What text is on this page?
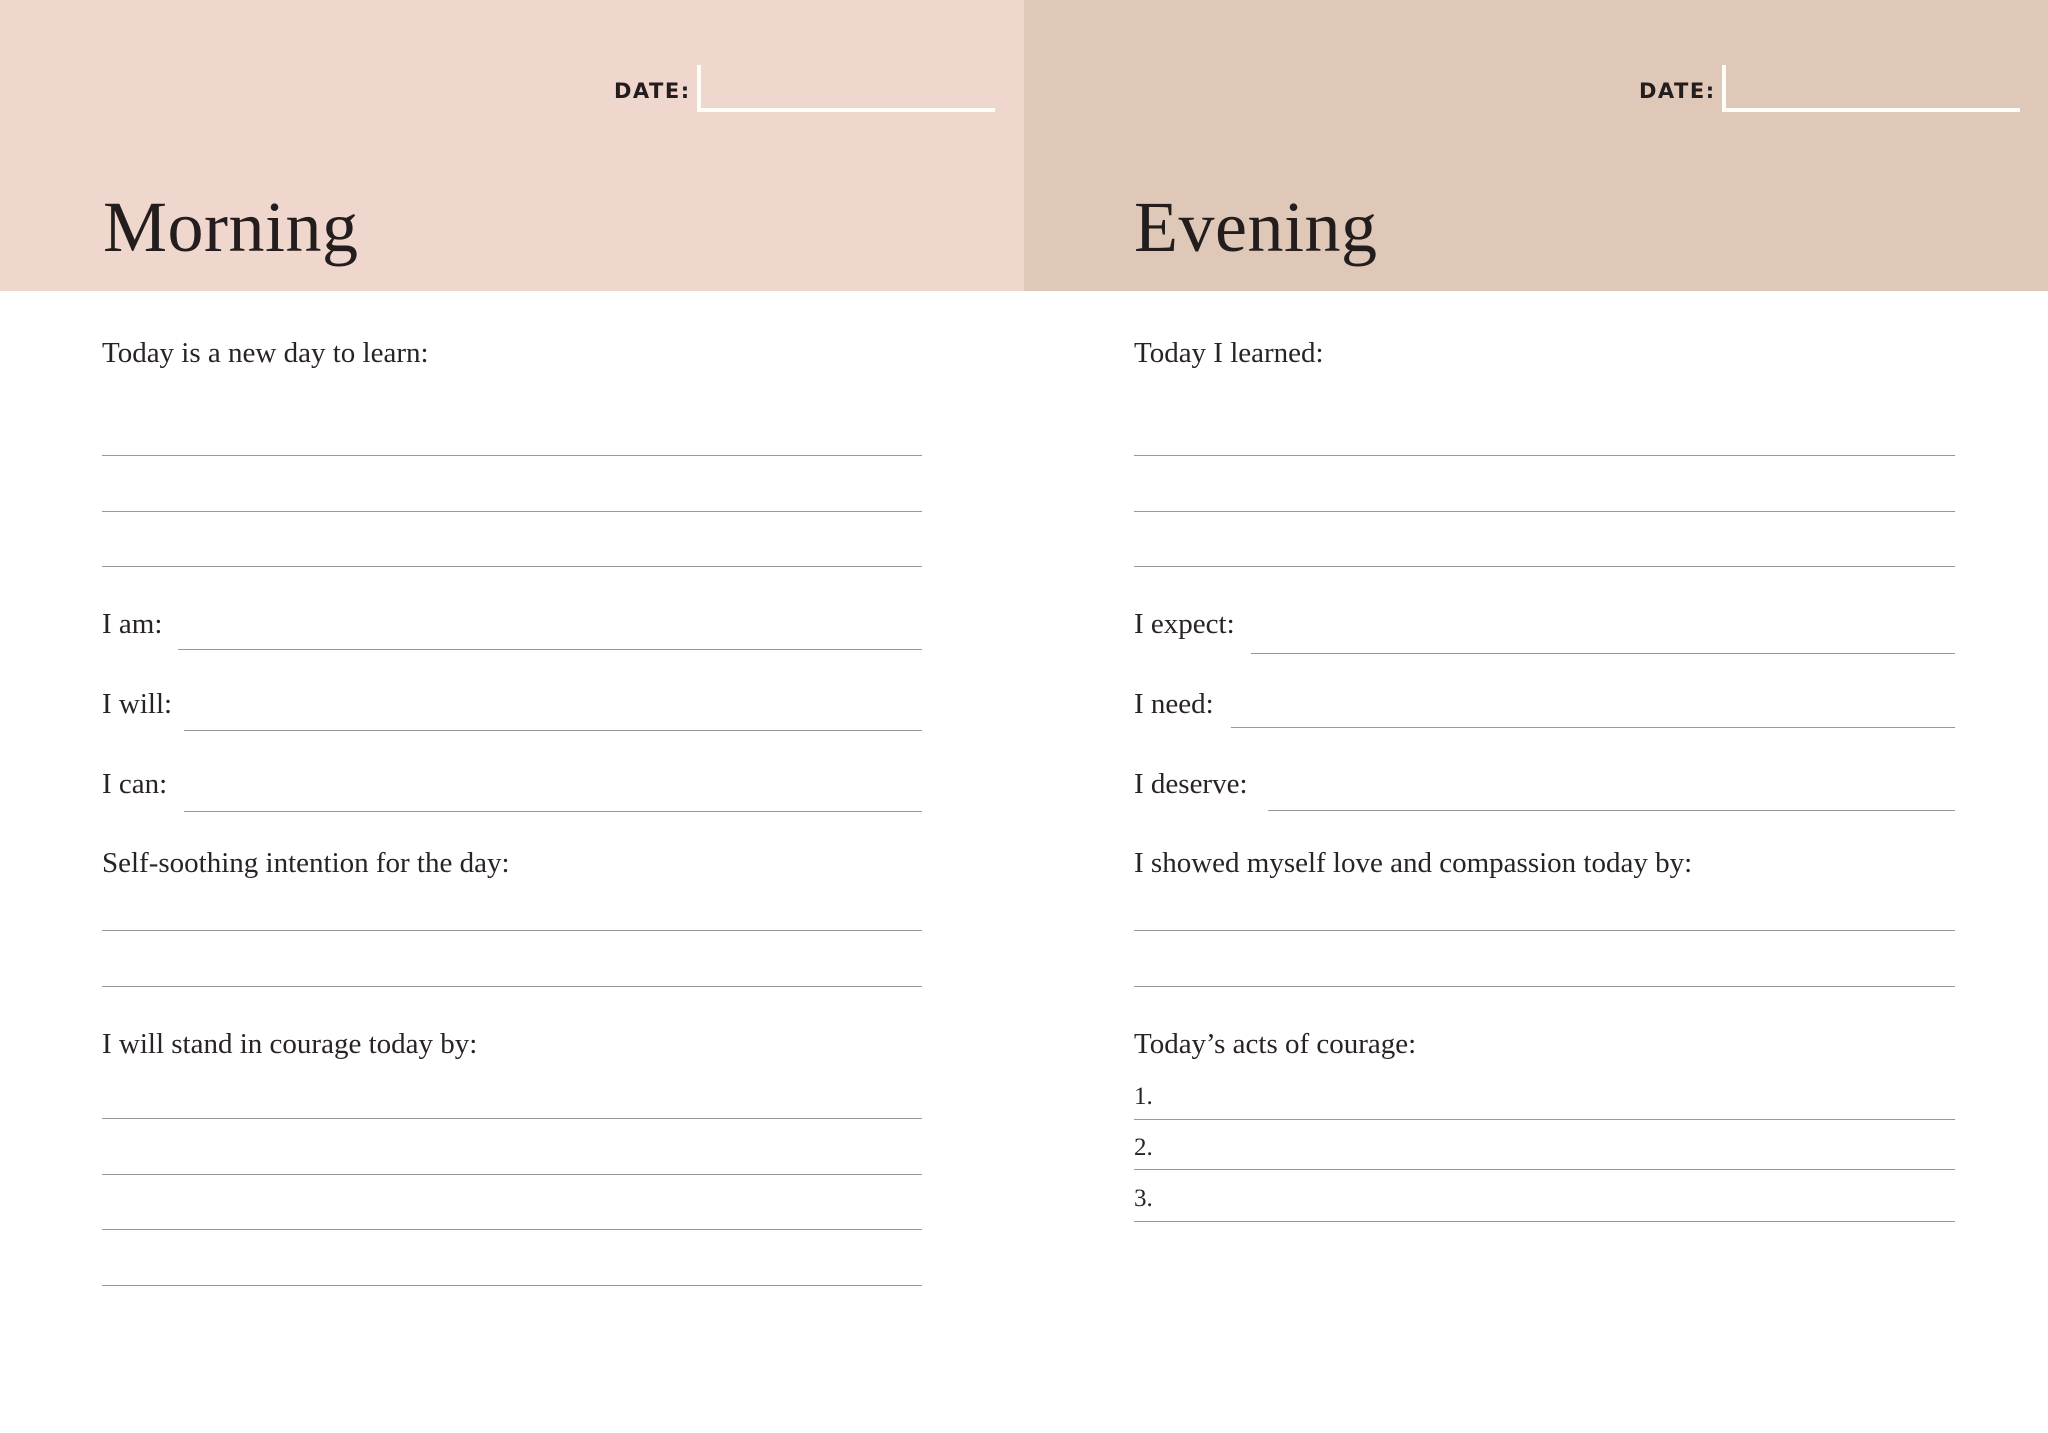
DATE:
Morning
Today is a new day to learn:
I am:
I will:
I can:
Self-soothing intention for the day:
I will stand in courage today by:
DATE:
Evening
Today I learned:
I expect:
I need:
I deserve:
I showed myself love and compassion today by:
Today’s acts of courage:
1.
2.
3.
